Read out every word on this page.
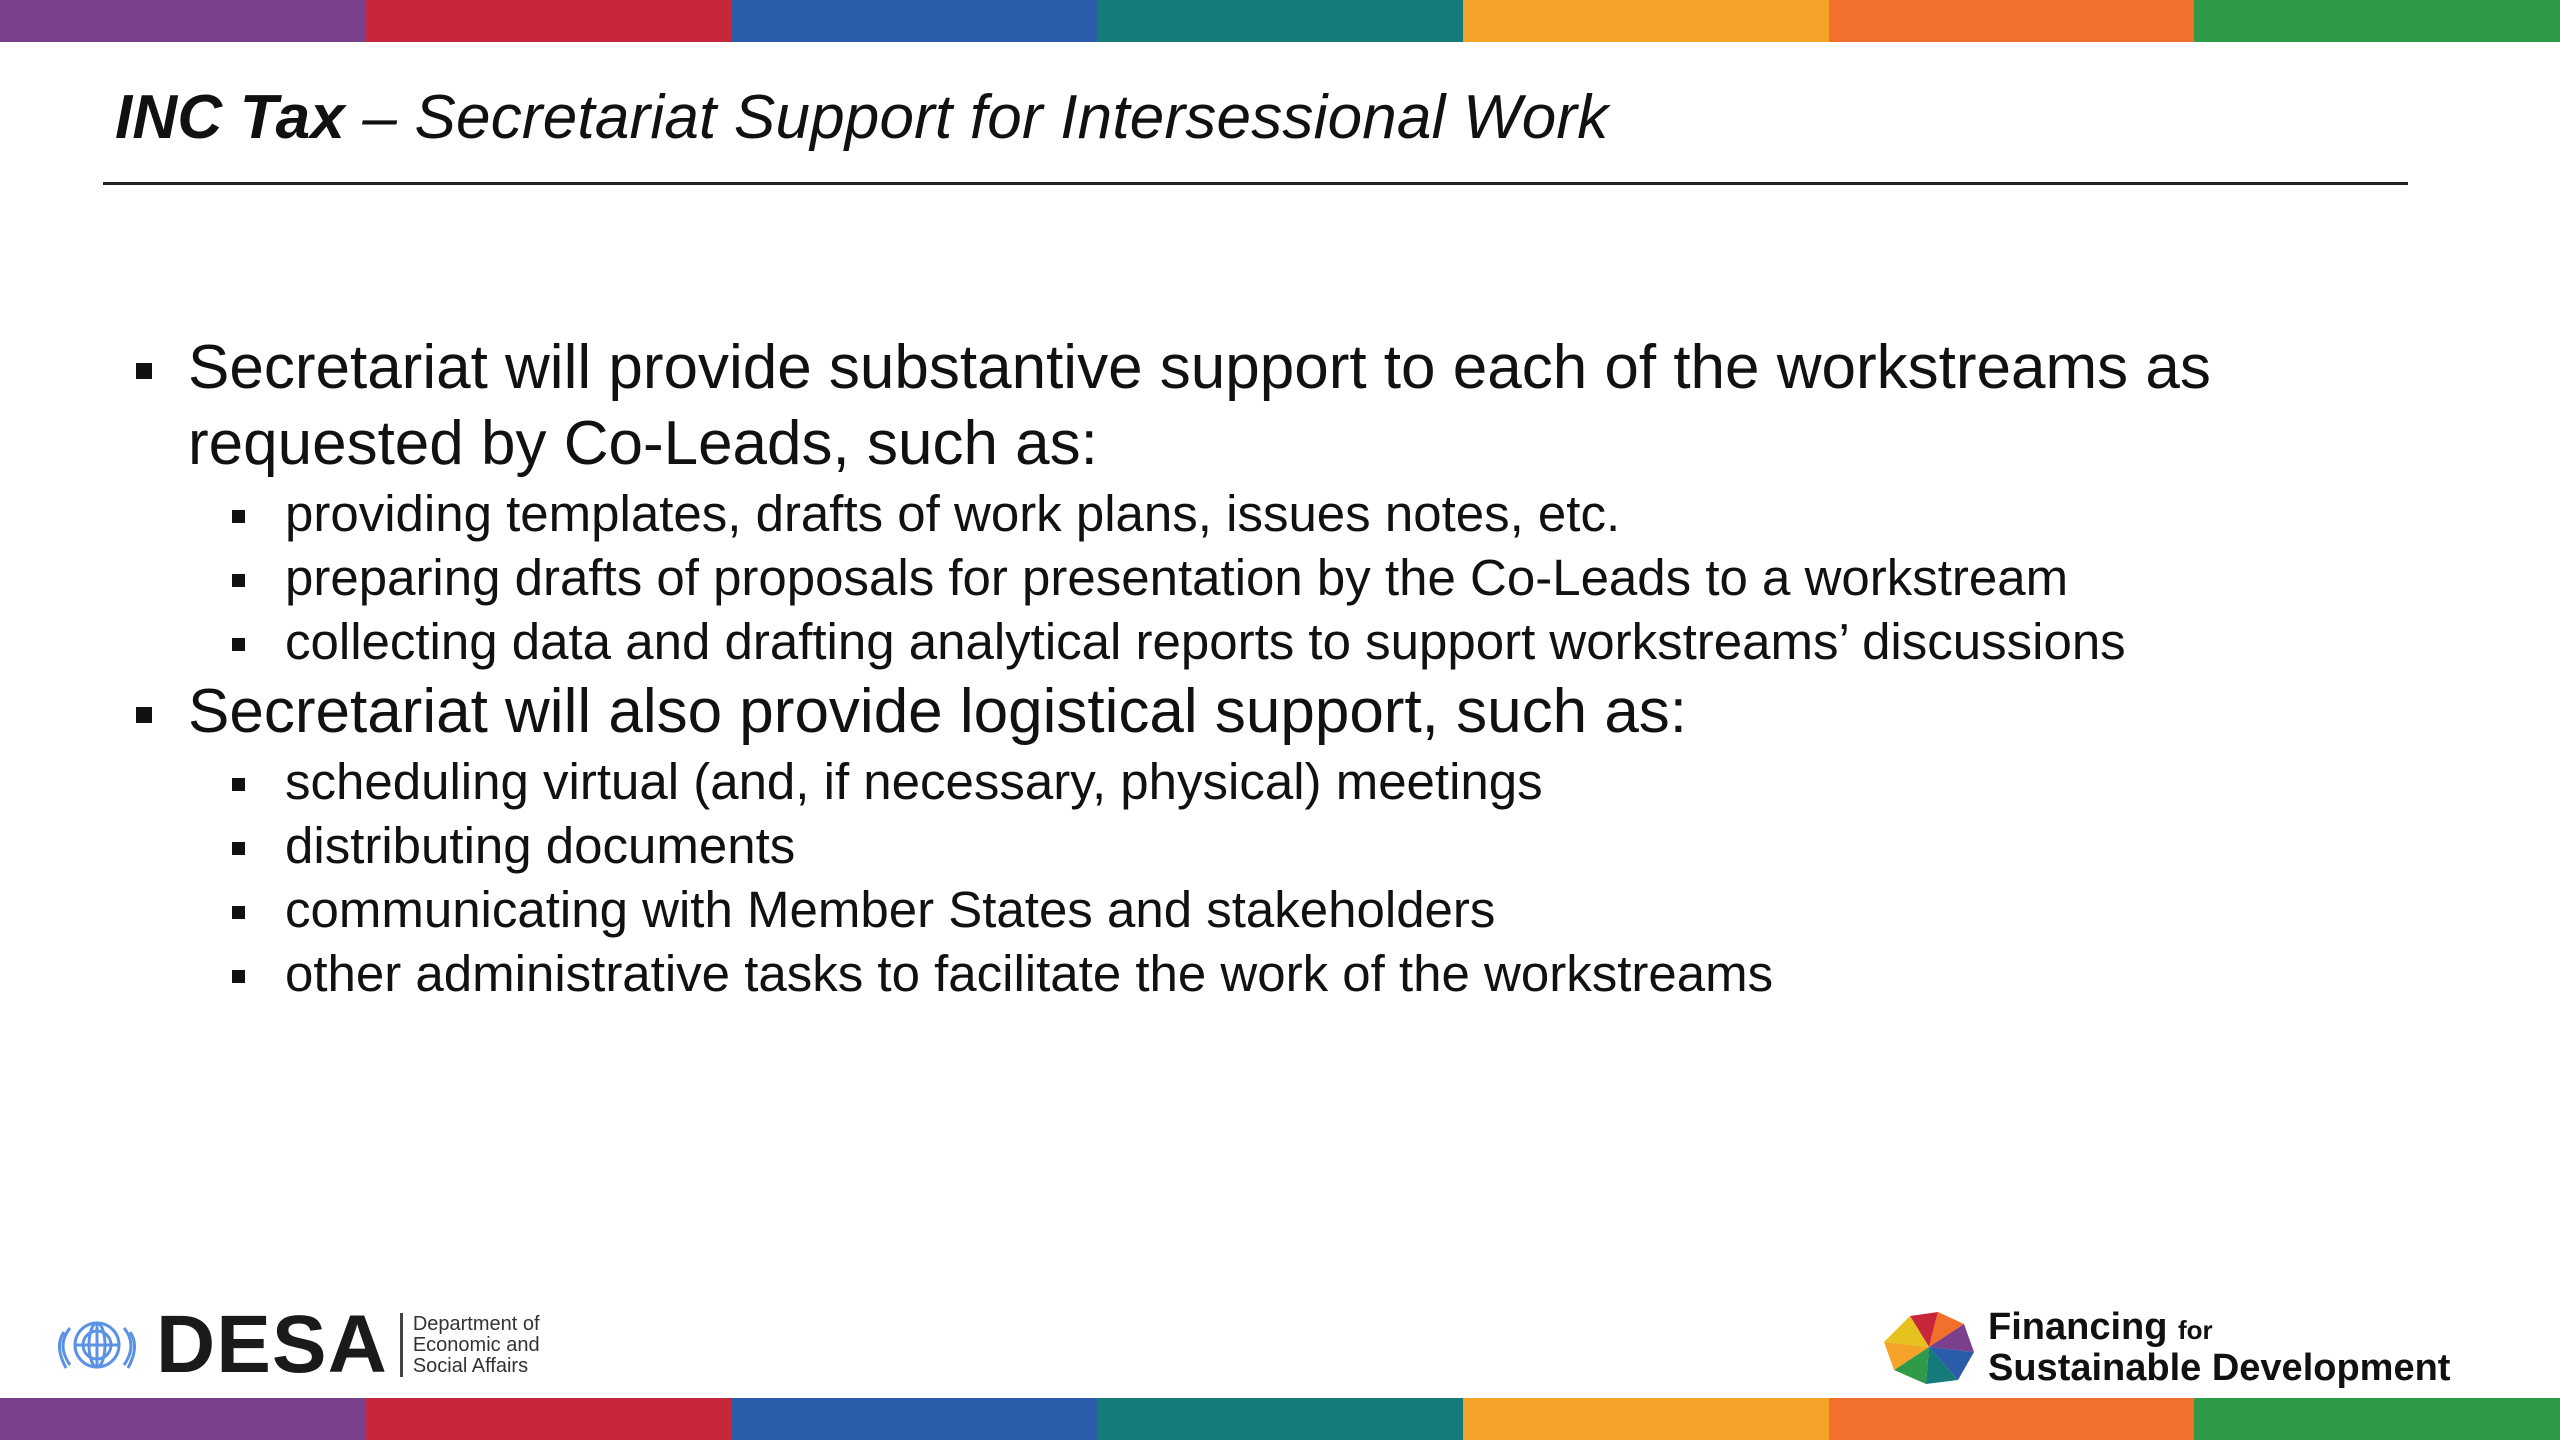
INC Tax – Secretariat Support for Intersessional Work

Secretariat will provide substantive support to each of the workstreams as requested by Co-Leads, such as:

providing templates, drafts of work plans, issues notes, etc.
preparing drafts of proposals for presentation by the Co-Leads to a workstream
collecting data and drafting analytical reports to support workstreams’ discussions

Secretariat will also provide logistical support, such as:

scheduling virtual (and, if necessary, physical) meetings
distributing documents
communicating with Member States and stakeholders
other administrative tasks to facilitate the work of the workstreams
DESA Department of
Economic and
Social Affairs
Financing for
Sustainable Development
